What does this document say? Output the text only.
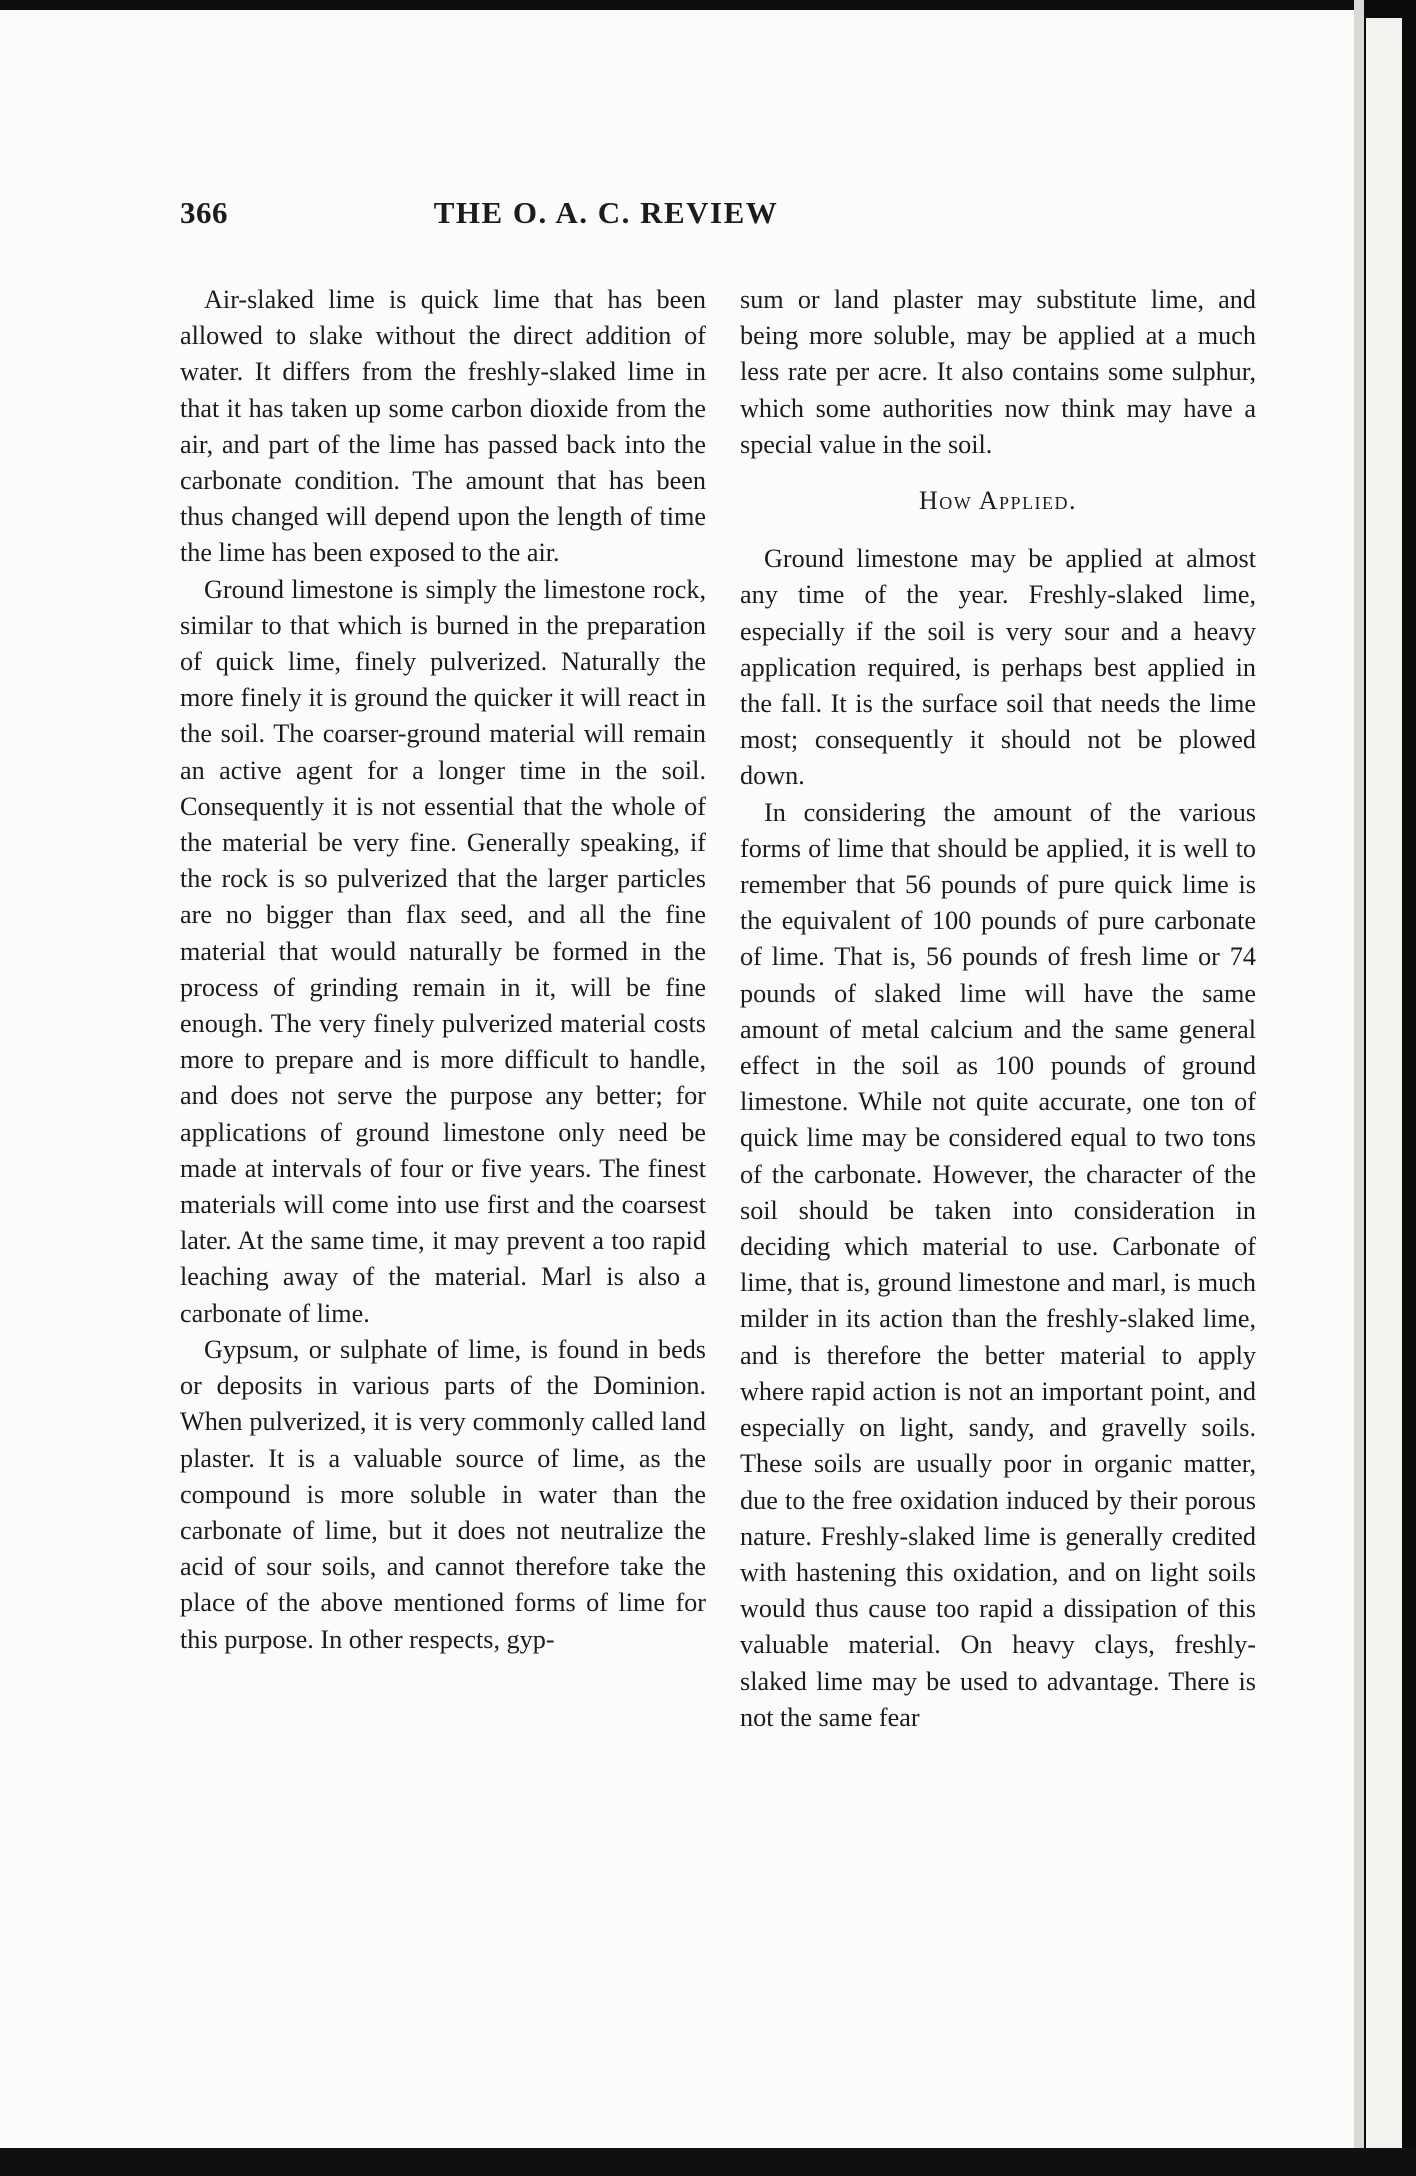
366	THE O. A. C. REVIEW

Air-slaked lime is quick lime that has been allowed to slake without the direct addition of water. It differs from the freshly-slaked lime in that it has taken up some carbon dioxide from the air, and part of the lime has passed back into the carbonate condition. The amount that has been thus changed will depend upon the length of time the lime has been exposed to the air.

Ground limestone is simply the limestone rock, similar to that which is burned in the preparation of quick lime, finely pulverized. Naturally the more finely it is ground the quicker it will react in the soil. The coarser-ground material will remain an active agent for a longer time in the soil. Consequently it is not essential that the whole of the material be very fine. Generally speaking, if the rock is so pulverized that the larger particles are no bigger than flax seed, and all the fine material that would naturally be formed in the process of grinding remain in it, will be fine enough. The very finely pulverized material costs more to prepare and is more difficult to handle, and does not serve the purpose any better; for applications of ground limestone only need be made at intervals of four or five years. The finest materials will come into use first and the coarsest later. At the same time, it may prevent a too rapid leaching away of the material. Marl is also a carbonate of lime.

Gypsum, or sulphate of lime, is found in beds or deposits in various parts of the Dominion. When pulverized, it is very commonly called land plaster. It is a valuable source of lime, as the compound is more soluble in water than the carbonate of lime, but it does not neutralize the acid of sour soils, and cannot therefore take the place of the above mentioned forms of lime for this purpose. In other respects, gyp-

sum or land plaster may substitute lime, and being more soluble, may be applied at a much less rate per acre. It also contains some sulphur, which some authorities now think may have a special value in the soil.

How Applied.

Ground limestone may be applied at almost any time of the year. Freshly-slaked lime, especially if the soil is very sour and a heavy application required, is perhaps best applied in the fall. It is the surface soil that needs the lime most; consequently it should not be plowed down.

In considering the amount of the various forms of lime that should be applied, it is well to remember that 56 pounds of pure quick lime is the equivalent of 100 pounds of pure carbonate of lime. That is, 56 pounds of fresh lime or 74 pounds of slaked lime will have the same amount of metal calcium and the same general effect in the soil as 100 pounds of ground limestone. While not quite accurate, one ton of quick lime may be considered equal to two tons of the carbonate. However, the character of the soil should be taken into consideration in deciding which material to use. Carbonate of lime, that is, ground limestone and marl, is much milder in its action than the freshly-slaked lime, and is therefore the better material to apply where rapid action is not an important point, and especially on light, sandy, and gravelly soils. These soils are usually poor in organic matter, due to the free oxidation induced by their porous nature. Freshly-slaked lime is generally credited with hastening this oxidation, and on light soils would thus cause too rapid a dissipation of this valuable material. On heavy clays, freshly-slaked lime may be used to advantage. There is not the same fear
